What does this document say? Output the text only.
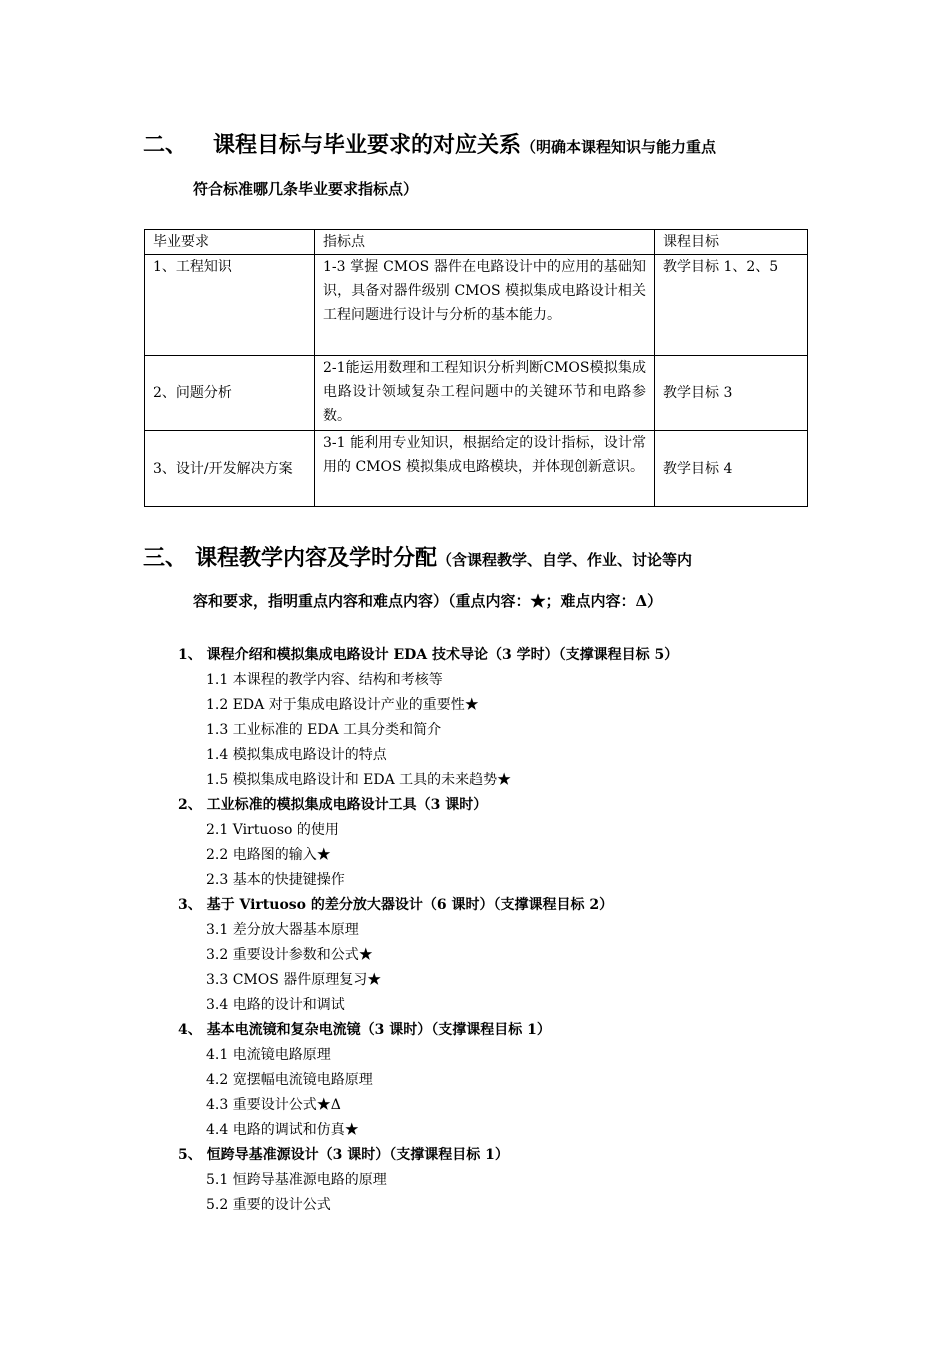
二、 课程目标与毕业要求的对应关系（明确本课程知识与能力重点
符合标准哪几条毕业要求指标点）
毕业要求	指标点	课程目标
1、工程知识	1-3 掌握 CMOS 器件在电路设计中的应用的基础知识，具备对器件级别 CMOS 模拟集成电路设计相关工程问题进行设计与分析的基本能力。	教学目标 1、2、5
2、问题分析	2-1能运用数理和工程知识分析判断CMOS模拟集成电路设计领域复杂工程问题中的关键环节和电路参数。	教学目标 3
3、设计/开发解决方案	3-1 能利用专业知识，根据给定的设计指标，设计常用的 CMOS 模拟集成电路模块，并体现创新意识。	教学目标 4
三、 课程教学内容及学时分配（含课程教学、自学、作业、讨论等内
容和要求，指明重点内容和难点内容）（重点内容：★；难点内容：Δ）
1、 课程介绍和模拟集成电路设计 EDA 技术导论（3 学时）（支撑课程目标 5）
1.1 本课程的教学内容、结构和考核等
1.2 EDA 对于集成电路设计产业的重要性★
1.3 工业标准的 EDA 工具分类和简介
1.4 模拟集成电路设计的特点
1.5 模拟集成电路设计和 EDA 工具的未来趋势★
2、 工业标准的模拟集成电路设计工具（3 课时）
2.1 Virtuoso 的使用
2.2 电路图的输入★
2.3 基本的快捷键操作
3、 基于 Virtuoso 的差分放大器设计（6 课时）（支撑课程目标 2）
3.1 差分放大器基本原理
3.2 重要设计参数和公式★
3.3 CMOS 器件原理复习★
3.4 电路的设计和调试
4、 基本电流镜和复杂电流镜（3 课时）（支撑课程目标 1）
4.1 电流镜电路原理
4.2 宽摆幅电流镜电路原理
4.3 重要设计公式★Δ
4.4 电路的调试和仿真★
5、 恒跨导基准源设计（3 课时）（支撑课程目标 1）
5.1 恒跨导基准源电路的原理
5.2 重要的设计公式
